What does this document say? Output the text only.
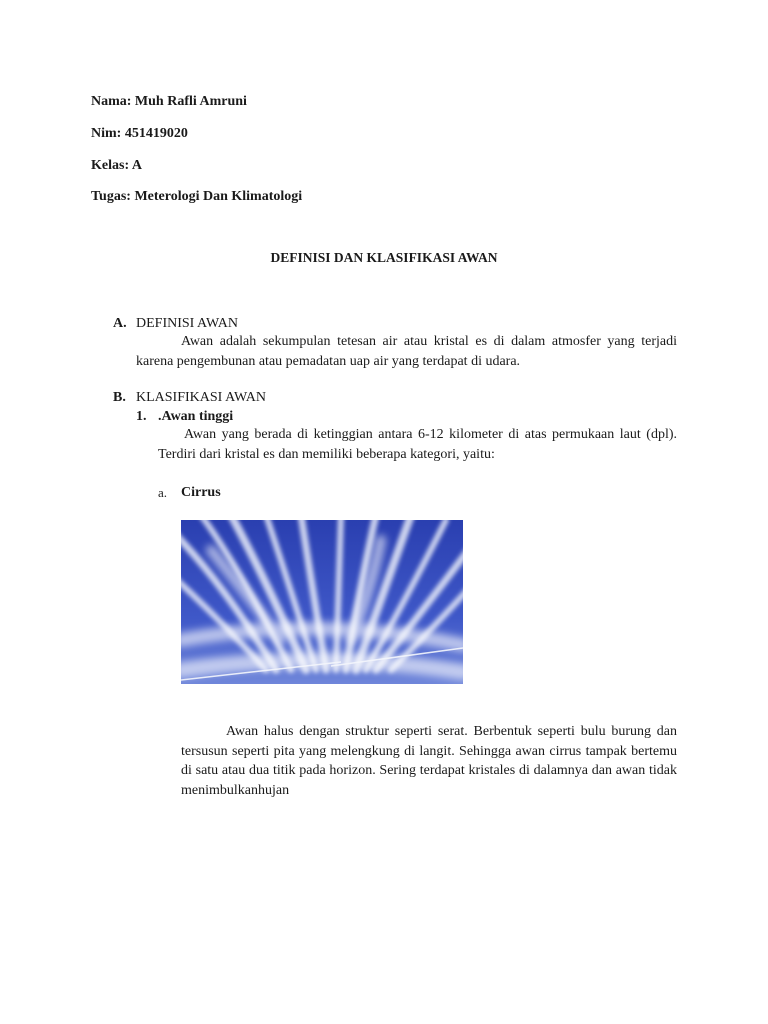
Nama: Muh Rafli Amruni
Nim: 451419020
Kelas: A
Tugas: Meterologi Dan Klimatologi
DEFINISI DAN KLASIFIKASI AWAN
A. DEFINISI AWAN
Awan adalah sekumpulan tetesan air atau kristal es di dalam atmosfer yang terjadi karena pengembunan atau pemadatan uap air yang terdapat di udara.
B. KLASIFIKASI AWAN
1. .Awan tinggi
Awan yang berada di ketinggian antara 6-12 kilometer di atas permukaan laut (dpl). Terdiri dari kristal es dan memiliki beberapa kategori, yaitu:
a. Cirrus
Awan halus dengan struktur seperti serat. Berbentuk seperti bulu burung dan tersusun seperti pita yang melengkung di langit. Sehingga awan cirrus tampak bertemu di satu atau dua titik pada horizon. Sering terdapat kristales di dalamnya dan awan tidak menimbulkanhujan
